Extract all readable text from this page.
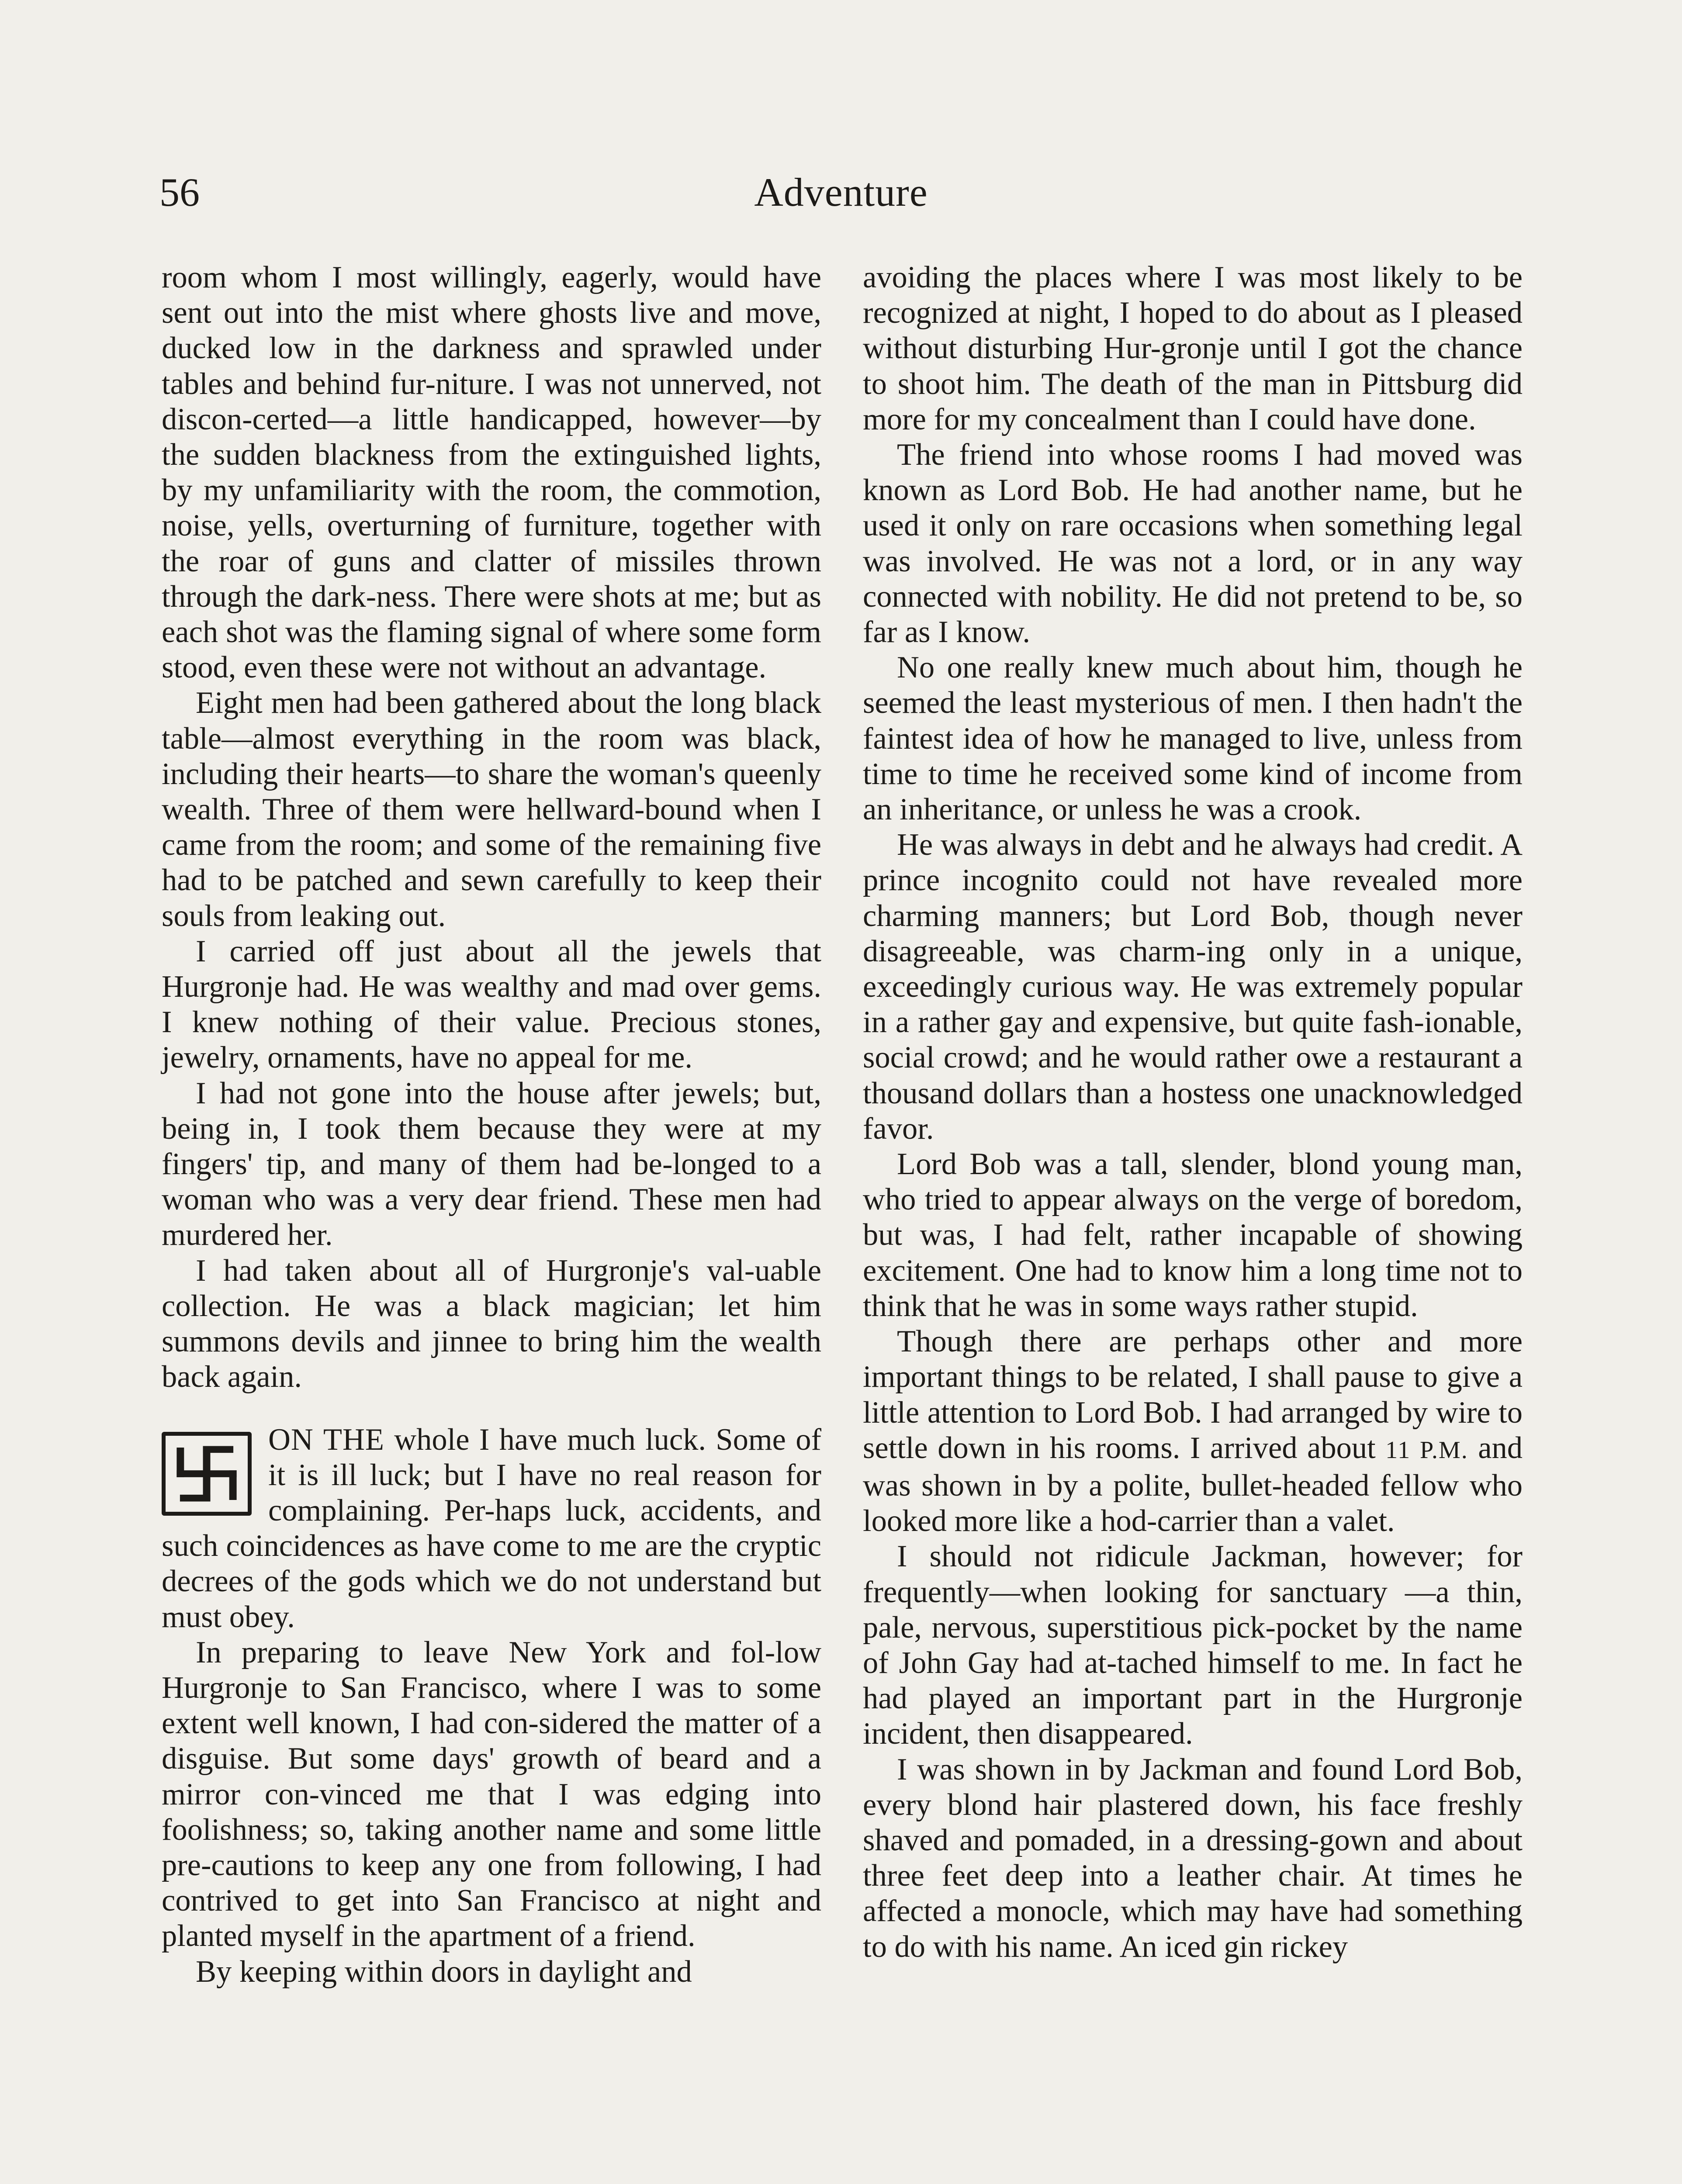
56	Adventure

room whom I most willingly, eagerly, would have sent out into the mist where ghosts live and move, ducked low in the darkness and sprawled under tables and behind fur-niture. I was not unnerved, not discon-certed—a little handicapped, however—by the sudden blackness from the extinguished lights, by my unfamiliarity with the room, the commotion, noise, yells, overturning of furniture, together with the roar of guns and clatter of missiles thrown through the dark-ness. There were shots at me; but as each shot was the flaming signal of where some form stood, even these were not without an advantage.

Eight men had been gathered about the long black table—almost everything in the room was black, including their hearts—to share the woman's queenly wealth. Three of them were hellward-bound when I came from the room; and some of the remaining five had to be patched and sewn carefully to keep their souls from leaking out.

I carried off just about all the jewels that Hurgronje had. He was wealthy and mad over gems. I knew nothing of their value. Precious stones, jewelry, ornaments, have no appeal for me.

I had not gone into the house after jewels; but, being in, I took them because they were at my fingers' tip, and many of them had be-longed to a woman who was a very dear friend. These men had murdered her.

I had taken about all of Hurgronje's val-uable collection. He was a black magician; let him summons devils and jinnee to bring him the wealth back again.

ON THE whole I have much luck. Some of it is ill luck; but I have no real reason for complaining. Per-haps luck, accidents, and such coincidences as have come to me are the cryptic decrees of the gods which we do not understand but must obey.

In preparing to leave New York and fol-low Hurgronje to San Francisco, where I was to some extent well known, I had con-sidered the matter of a disguise. But some days' growth of beard and a mirror con-vinced me that I was edging into foolishness; so, taking another name and some little pre-cautions to keep any one from following, I had contrived to get into San Francisco at night and planted myself in the apartment of a friend.

By keeping within doors in daylight and

avoiding the places where I was most likely to be recognized at night, I hoped to do about as I pleased without disturbing Hur-gronje until I got the chance to shoot him. The death of the man in Pittsburg did more for my concealment than I could have done.

The friend into whose rooms I had moved was known as Lord Bob. He had another name, but he used it only on rare occasions when something legal was involved. He was not a lord, or in any way connected with nobility. He did not pretend to be, so far as I know.

No one really knew much about him, though he seemed the least mysterious of men. I then hadn't the faintest idea of how he managed to live, unless from time to time he received some kind of income from an inheritance, or unless he was a crook.

He was always in debt and he always had credit. A prince incognito could not have revealed more charming manners; but Lord Bob, though never disagreeable, was charm-ing only in a unique, exceedingly curious way. He was extremely popular in a rather gay and expensive, but quite fash-ionable, social crowd; and he would rather owe a restaurant a thousand dollars than a hostess one unacknowledged favor.

Lord Bob was a tall, slender, blond young man, who tried to appear always on the verge of boredom, but was, I had felt, rather incapable of showing excitement. One had to know him a long time not to think that he was in some ways rather stupid.

Though there are perhaps other and more important things to be related, I shall pause to give a little attention to Lord Bob. I had arranged by wire to settle down in his rooms. I arrived about 11 P.M. and was shown in by a polite, bullet-headed fellow who looked more like a hod-carrier than a valet.

I should not ridicule Jackman, however; for frequently—when looking for sanctuary —a thin, pale, nervous, superstitious pick-pocket by the name of John Gay had at-tached himself to me. In fact he had played an important part in the Hurgronje incident, then disappeared.

I was shown in by Jackman and found Lord Bob, every blond hair plastered down, his face freshly shaved and pomaded, in a dressing-gown and about three feet deep into a leather chair. At times he affected a monocle, which may have had something to do with his name. An iced gin rickey
